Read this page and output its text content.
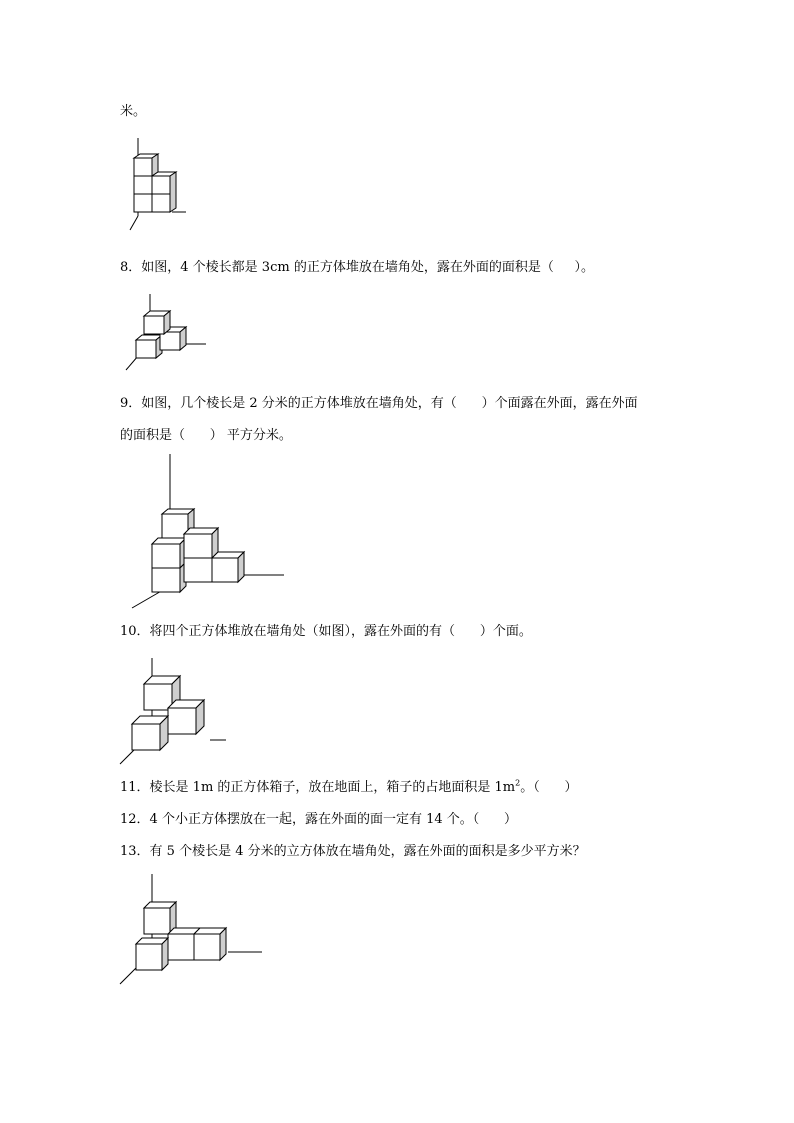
米。
8．如图，4 个棱长都是 3cm 的正方体堆放在墙角处，露在外面的面积是（     ）。
9．如图，几个棱长是 2 分米的正方体堆放在墙角处，有（      ）个面露在外面，露在外面
的面积是（      ） 平方分米。
10．将四个正方体堆放在墙角处（如图），露在外面的有（      ）个面。
11．棱长是 1m 的正方体箱子，放在地面上，箱子的占地面积是 $1m^2$。（      ）
12．4 个小正方体摆放在一起，露在外面的面一定有 14 个。（      ）
13．有 5 个棱长是 4 分米的立方体放在墙角处，露在外面的面积是多少平方米？
